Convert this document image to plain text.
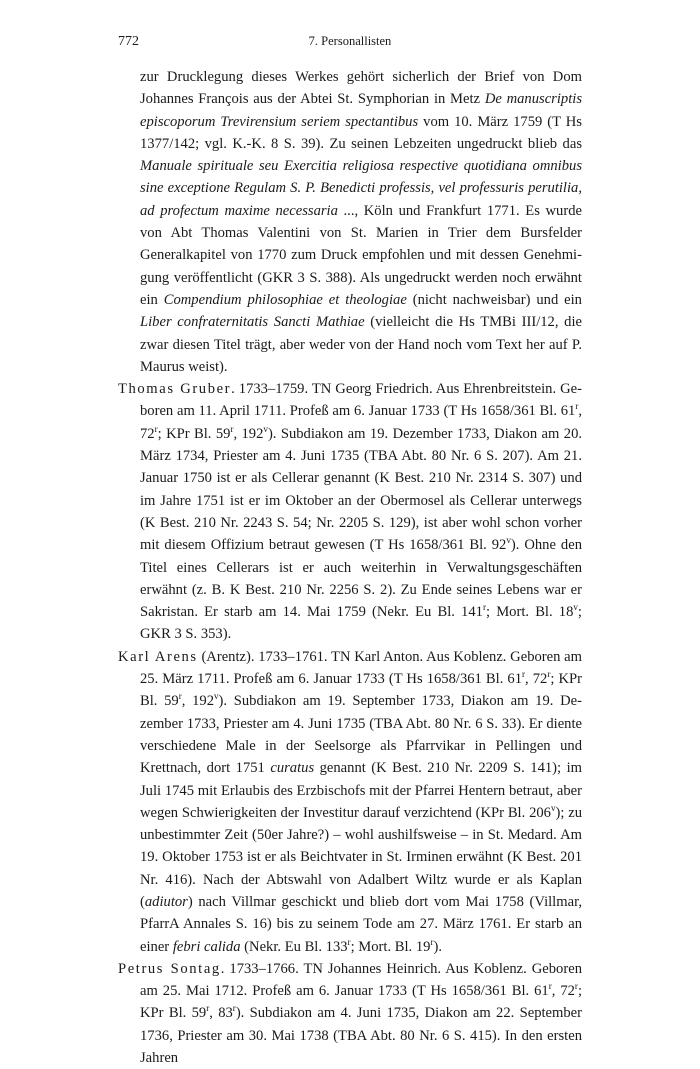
772	7. Personallisten

zur Drucklegung dieses Werkes gehört sicherlich der Brief von Dom Johannes François aus der Abtei St. Symphorian in Metz De manuscriptis episcoporum Trevirensium seriem spectantibus vom 10. März 1759 (T Hs 1377/142; vgl. K.-K. 8 S. 39). Zu seinen Lebzeiten ungedruckt blieb das Manuale spirituale seu Exercitia religiosa respective quotidiana omnibus sine exceptione Regulam S. P. Benedicti professis, vel professuris perutilia, ad profectum maxime necessaria ..., Köln und Frankfurt 1771. Es wurde von Abt Thomas Valentini von St. Marien in Trier dem Bursfelder Generalkapitel von 1770 zum Druck empfohlen und mit dessen Genehmigung veröffentlicht (GKR 3 S. 388). Als ungedruckt werden noch erwähnt ein Compendium philosophiae et theologiae (nicht nachweisbar) und ein Liber confraternitatis Sancti Mathiae (vielleicht die Hs TMBi III/12, die zwar diesen Titel trägt, aber weder von der Hand noch vom Text her auf P. Maurus weist).

Thomas Gruber. 1733–1759. TN Georg Friedrich. Aus Ehrenbreitstein. Geboren am 11. April 1711. Profeß am 6. Januar 1733 (T Hs 1658/361 Bl. 61$^r$, 72$^r$; KPr Bl. 59$^r$, 192$^v$). Subdiakon am 19. Dezember 1733, Diakon am 20. März 1734, Priester am 4. Juni 1735 (TBA Abt. 80 Nr. 6 S. 207). Am 21. Januar 1750 ist er als Cellerar genannt (K Best. 210 Nr. 2314 S. 307) und im Jahre 1751 ist er im Oktober an der Obermosel als Cellerar unterwegs (K Best. 210 Nr. 2243 S. 54; Nr. 2205 S. 129), ist aber wohl schon vorher mit diesem Offizium betraut gewesen (T Hs 1658/361 Bl. 92$^v$). Ohne den Titel eines Cellerars ist er auch weiterhin in Verwaltungsgeschäften erwähnt (z. B. K Best. 210 Nr. 2256 S. 2). Zu Ende seines Lebens war er Sakristan. Er starb am 14. Mai 1759 (Nekr. Eu Bl. 141$^r$; Mort. Bl. 18$^v$; GKR 3 S. 353).

Karl Arens (Arentz). 1733–1761. TN Karl Anton. Aus Koblenz. Geboren am 25. März 1711. Profeß am 6. Januar 1733 (T Hs 1658/361 Bl. 61$^r$, 72$^r$; KPr Bl. 59$^r$, 192$^v$). Subdiakon am 19. September 1733, Diakon am 19. Dezember 1733, Priester am 4. Juni 1735 (TBA Abt. 80 Nr. 6 S. 33). Er diente verschiedene Male in der Seelsorge als Pfarrvikar in Pellingen und Krettnach, dort 1751 curatus genannt (K Best. 210 Nr. 2209 S. 141); im Juli 1745 mit Erlaubis des Erzbischofs mit der Pfarrei Hentern betraut, aber wegen Schwierigkeiten der Investitur darauf verzichtend (KPr Bl. 206$^v$); zu unbestimmter Zeit (50er Jahre?) – wohl aushilfsweise – in St. Medard. Am 19. Oktober 1753 ist er als Beichtvater in St. Irminen erwähnt (K Best. 201 Nr. 416). Nach der Abtswahl von Adalbert Wiltz wurde er als Kaplan (adiutor) nach Villmar geschickt und blieb dort vom Mai 1758 (Villmar, PfarrA Annales S. 16) bis zu seinem Tode am 27. März 1761. Er starb an einer febri calida (Nekr. Eu Bl. 133$^r$; Mort. Bl. 19$^r$).

Petrus Sontag. 1733–1766. TN Johannes Heinrich. Aus Koblenz. Geboren am 25. Mai 1712. Profeß am 6. Januar 1733 (T Hs 1658/361 Bl. 61$^r$, 72$^r$; KPr Bl. 59$^r$, 83$^r$). Subdiakon am 4. Juni 1735, Diakon am 22. September 1736, Priester am 30. Mai 1738 (TBA Abt. 80 Nr. 6 S. 415). In den ersten Jahren
